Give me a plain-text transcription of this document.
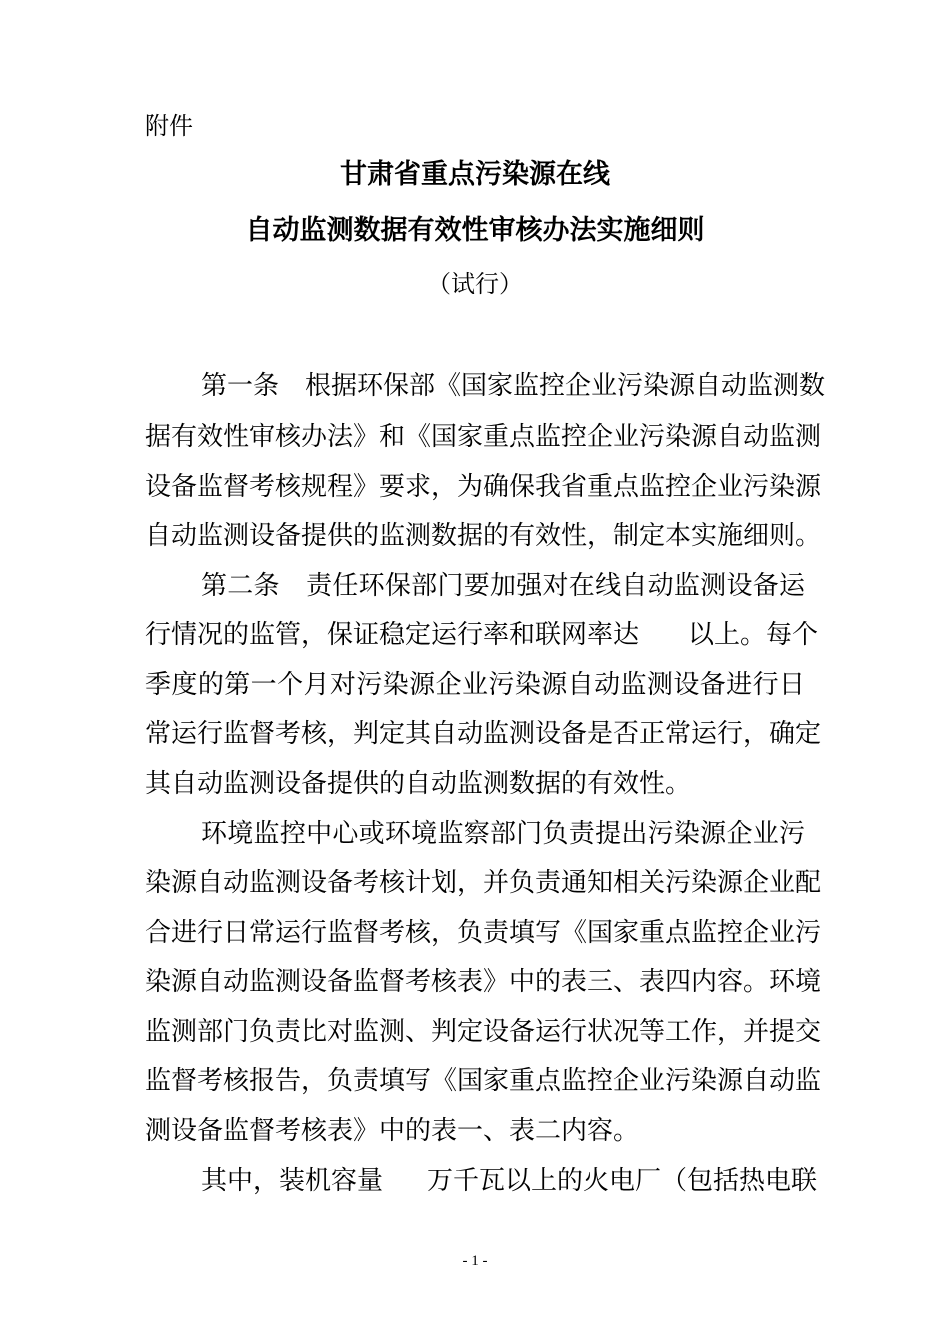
附件
甘肃省重点污染源在线
自动监测数据有效性审核办法实施细则
（试行）
第一条　根据环保部《国家监控企业污染源自动监测数
据有效性审核办法》和《国家重点监控企业污染源自动监测
设备监督考核规程》要求，为确保我省重点监控企业污染源
自动监测设备提供的监测数据的有效性，制定本实施细则。
第二条　责任环保部门要加强对在线自动监测设备运
行情况的监管，保证稳定运行率和联网率达 以上。每个
季度的第一个月对污染源企业污染源自动监测设备进行日
常运行监督考核，判定其自动监测设备是否正常运行，确定
其自动监测设备提供的自动监测数据的有效性。
环境监控中心或环境监察部门负责提出污染源企业污
染源自动监测设备考核计划，并负责通知相关污染源企业配
合进行日常运行监督考核，负责填写《国家重点监控企业污
染源自动监测设备监督考核表》中的表三、表四内容。环境
监测部门负责比对监测、判定设备运行状况等工作，并提交
监督考核报告，负责填写《国家重点监控企业污染源自动监
测设备监督考核表》中的表一、表二内容。
其中，装机容量 万千瓦以上的火电厂（包括热电联
- 1 -
